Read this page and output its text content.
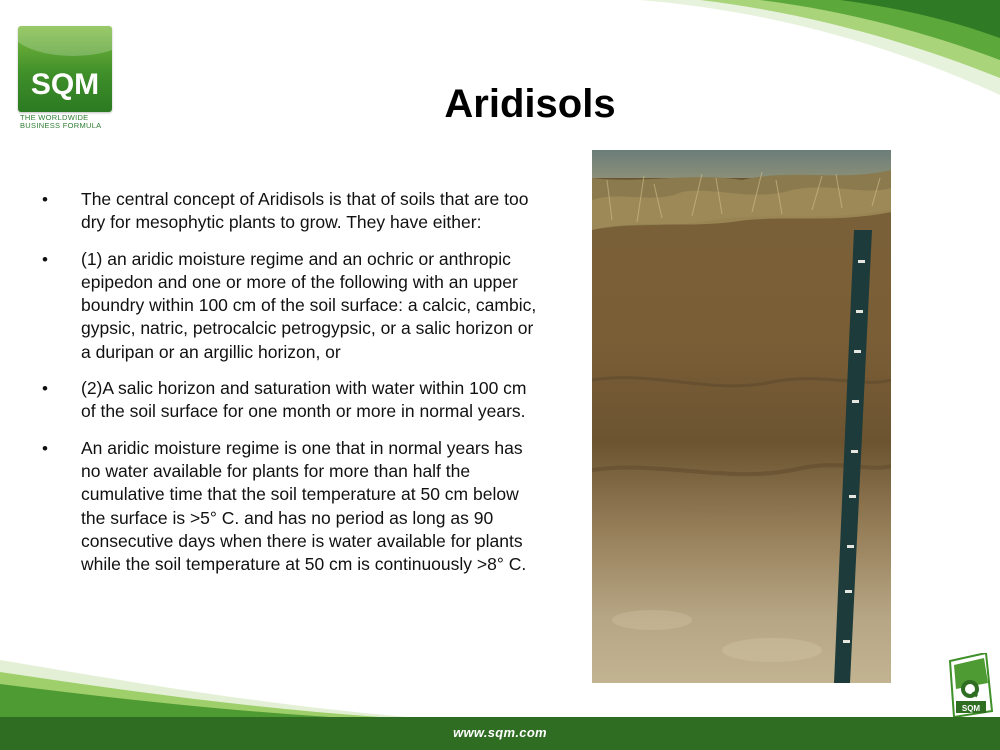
SQM
THE WORLDWIDE
BUSINESS FORMULA	Aridisols
• The central concept of Aridisols is that of soils that are too dry for mesophytic plants to grow. They have either:
• (1) an aridic moisture regime and an ochric or anthropic epipedon and one or more of the following with an upper boundry within 100 cm of the soil surface: a calcic, cambic, gypsic, natric, petrocalcic petrogypsic, or a salic horizon or a duripan or an argillic horizon, or
• (2)A salic horizon and saturation with water within 100 cm of the soil surface for one month or more in normal years.
• An aridic moisture regime is one that in normal years has no water available for plants for more than half the cumulative time that the soil temperature at 50 cm below the surface is >5° C. and has no period as long as 90 consecutive days when there is water available for plants while the soil temperature at 50 cm is continuously >8° C.
www.sqm.com
SQM
